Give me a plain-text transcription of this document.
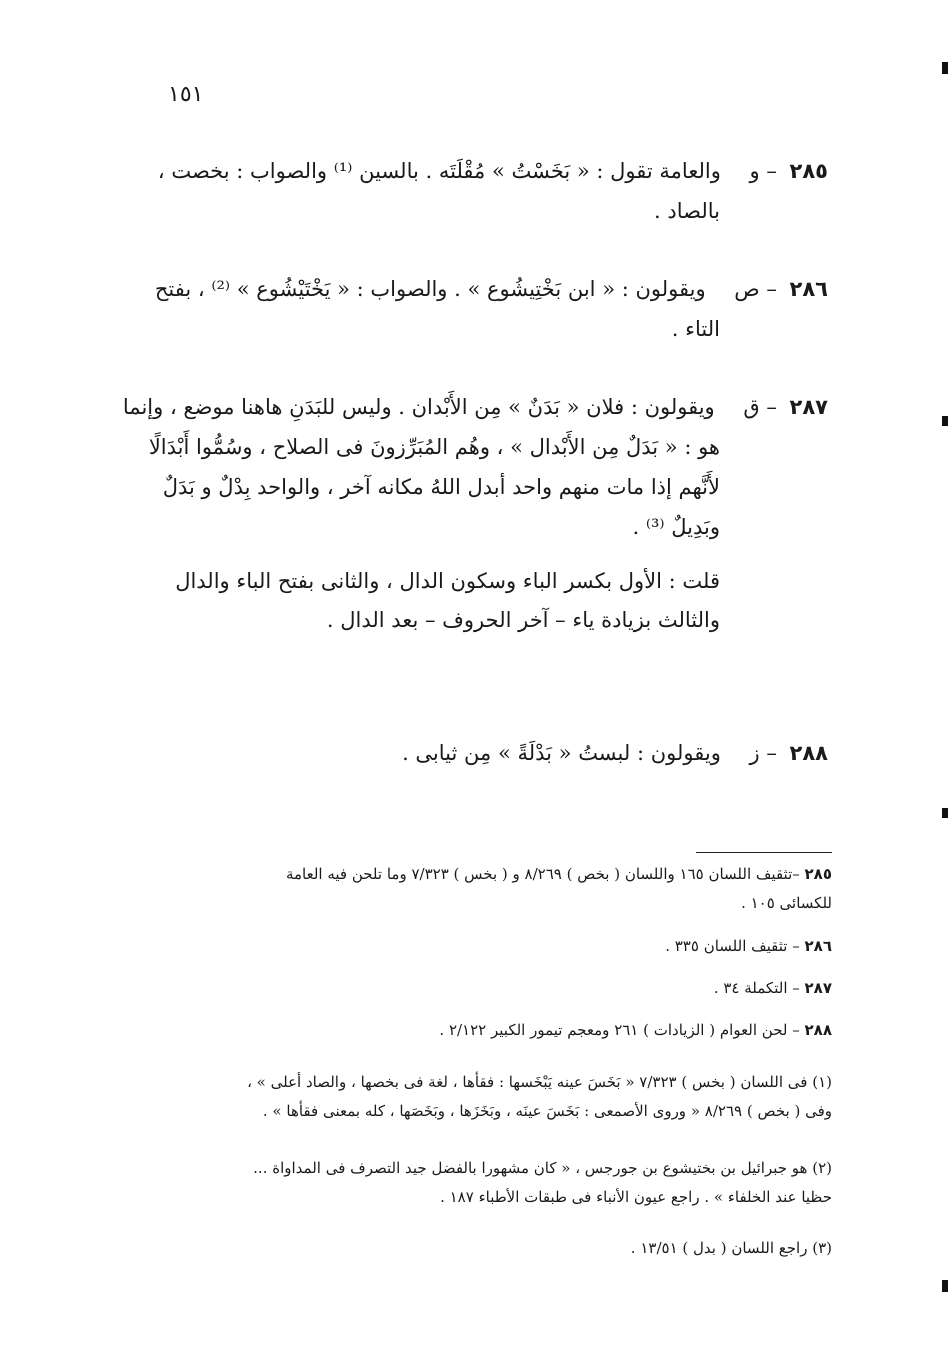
١٥١
٢٨٥ – و والعامة تقول : « بَخَسْتُ » مُقْلَتَه . بالسين ⁽¹⁾ والصواب : بخصت ،
بالصاد .
٢٨٦ – ص ويقولون : « ابن بَخْتِيشُوع » . والصواب : « يَخْتَيْشُوع » ⁽²⁾ ، بفتح
التاء .
٢٨٧ – ق ويقولون : فلان « بَدَنٌ » مِن الأَبْدان . وليس للبَدَنِ هاهنا موضع ، وإنما
هو : « بَدَلٌ مِن الأَبْدال » ، وهُم المُبَرِّزونَ فى الصلاح ، وسُمُّوا أَبْدَالًا
لأَنَّهم إذا مات منهم واحد أبدل اللهُ مكانه آخر ، والواحد بِدْلٌ و بَدَلٌ
وبَدِيلٌ ⁽³⁾ .
قلت : الأول بكسر الباء وسكون الدال ، والثانى بفتح الباء والدال
والثالث بزيادة ياء – آخر الحروف – بعد الدال .
٢٨٨ – ز ويقولون : لبستُ « بَدْلَةً » مِن ثيابى .
٢٨٥ –تثقيف اللسان ١٦٥ واللسان ( بخص ) ٨/٢٦٩ و ( بخس ) ٧/٣٢٣ وما تلحن فيه العامة
للكسائى ١٠٥ .
٢٨٦ – تثقيف اللسان ٣٣٥ .
٢٨٧ – التكملة ٣٤ .
٢٨٨ – لحن العوام ( الزيادات ) ٢٦١ ومعجم تيمور الكبير ٢/١٢٢ .
(١) فى اللسان ( بخس ) ٧/٣٢٣ « بَخَسَ عينه يَبْخَسها : فقأها ، لغة فى بخصها ، والصاد أعلى » ،
وفى ( بخص ) ٨/٢٦٩ « وروى الأصمعى : بَخَسَ عينَه ، وبَخَزَها ، وبَخَصَها ، كله بمعنى فقأها » .
(٢) هو جبرائيل بن بختيشوع بن جورجس ، « كان مشهورا بالفضل جيد التصرف فى المداواة ...
حظيا عند الخلفاء » . راجع عيون الأنباء فى طبقات الأطباء ١٨٧ .
(٣) راجع اللسان ( بدل ) ١٣/٥١ .
